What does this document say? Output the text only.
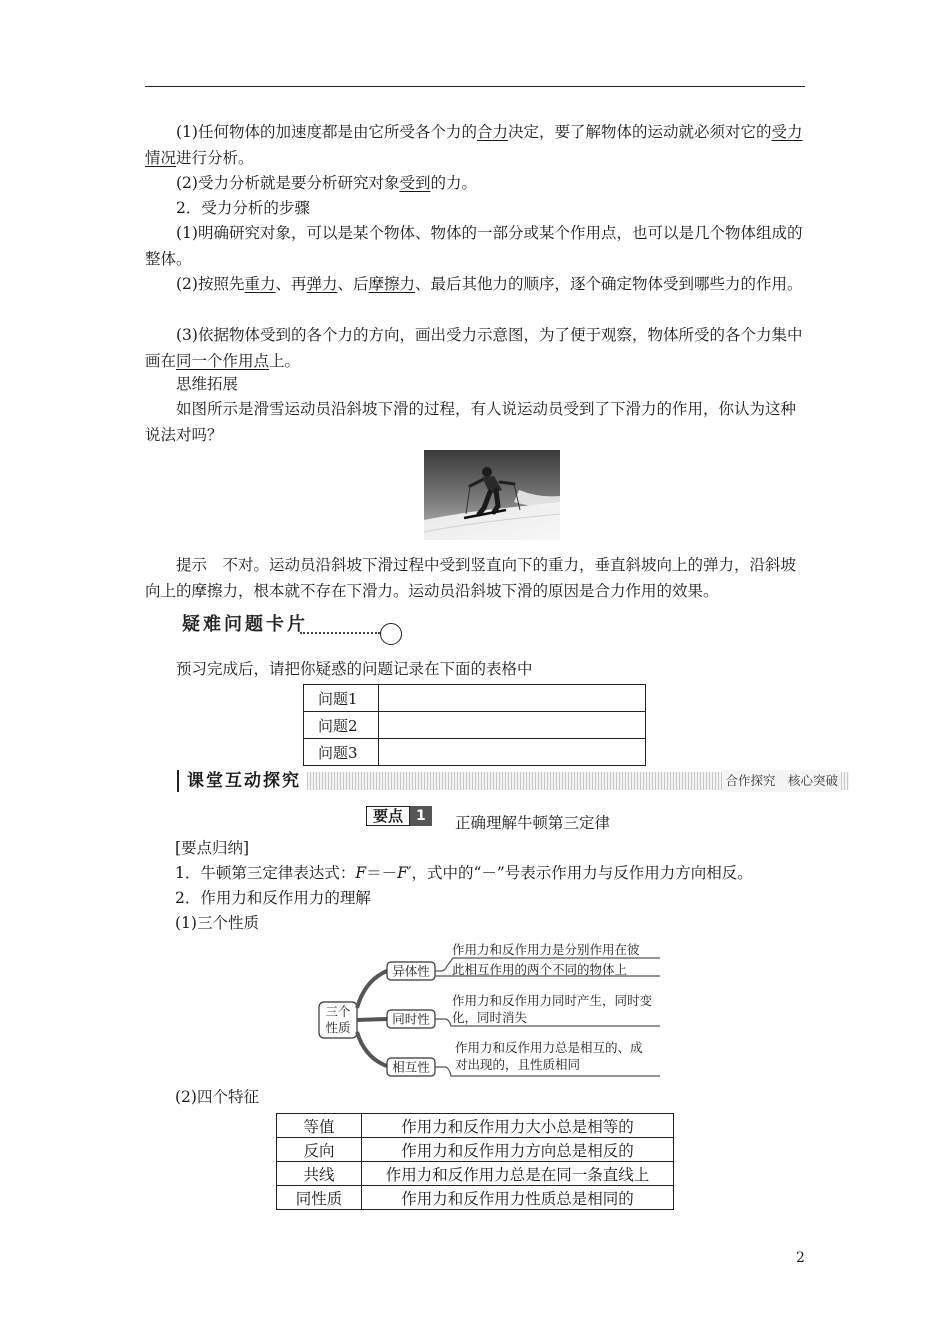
(1)任何物体的加速度都是由它所受各个力的合力决定，要了解物体的运动就必须对它的受力情况进行分析。

(2)受力分析就是要分析研究对象受到的力。

2．受力分析的步骤

(1)明确研究对象，可以是某个物体、物体的一部分或某个作用点，也可以是几个物体组成的整体。

(2)按照先重力、再弹力、后摩擦力、最后其他力的顺序，逐个确定物体受到哪些力的作用。

(3)依据物体受到的各个力的方向，画出受力示意图，为了便于观察，物体所受的各个力集中画在同一个作用点上。

思维拓展

如图所示是滑雪运动员沿斜坡下滑的过程，有人说运动员受到了下滑力的作用，你认为这种说法对吗？

提示　不对。运动员沿斜坡下滑过程中受到竖直向下的重力，垂直斜坡向上的弹力，沿斜坡向上的摩擦力，根本就不存在下滑力。运动员沿斜坡下滑的原因是合力作用的效果。

疑难问题卡片

预习完成后，请把你疑惑的问题记录在下面的表格中

问题1	
问题2	
问题3	
课堂互动探究	合作探究　核心突破
要点 1	正确理解牛顿第三定律

[要点归纳]

1．牛顿第三定律表达式：F＝－F′，式中的“－”号表示作用力与反作用力方向相反。

2．作用力和反作用力的理解

(1)三个性质

三个
性质
异体性
作用力和反作用力是分别作用在彼
此相互作用的两个不同的物体上
同时性
作用力和反作用力同时产生，同时变
化，同时消失
相互性
作用力和反作用力总是相互的、成
对出现的，且性质相同

(2)四个特征

等值	作用力和反作用力大小总是相等的
反向	作用力和反作用力方向总是相反的
共线	作用力和反作用力总是在同一条直线上
同性质	作用力和反作用力性质总是相同的
2
